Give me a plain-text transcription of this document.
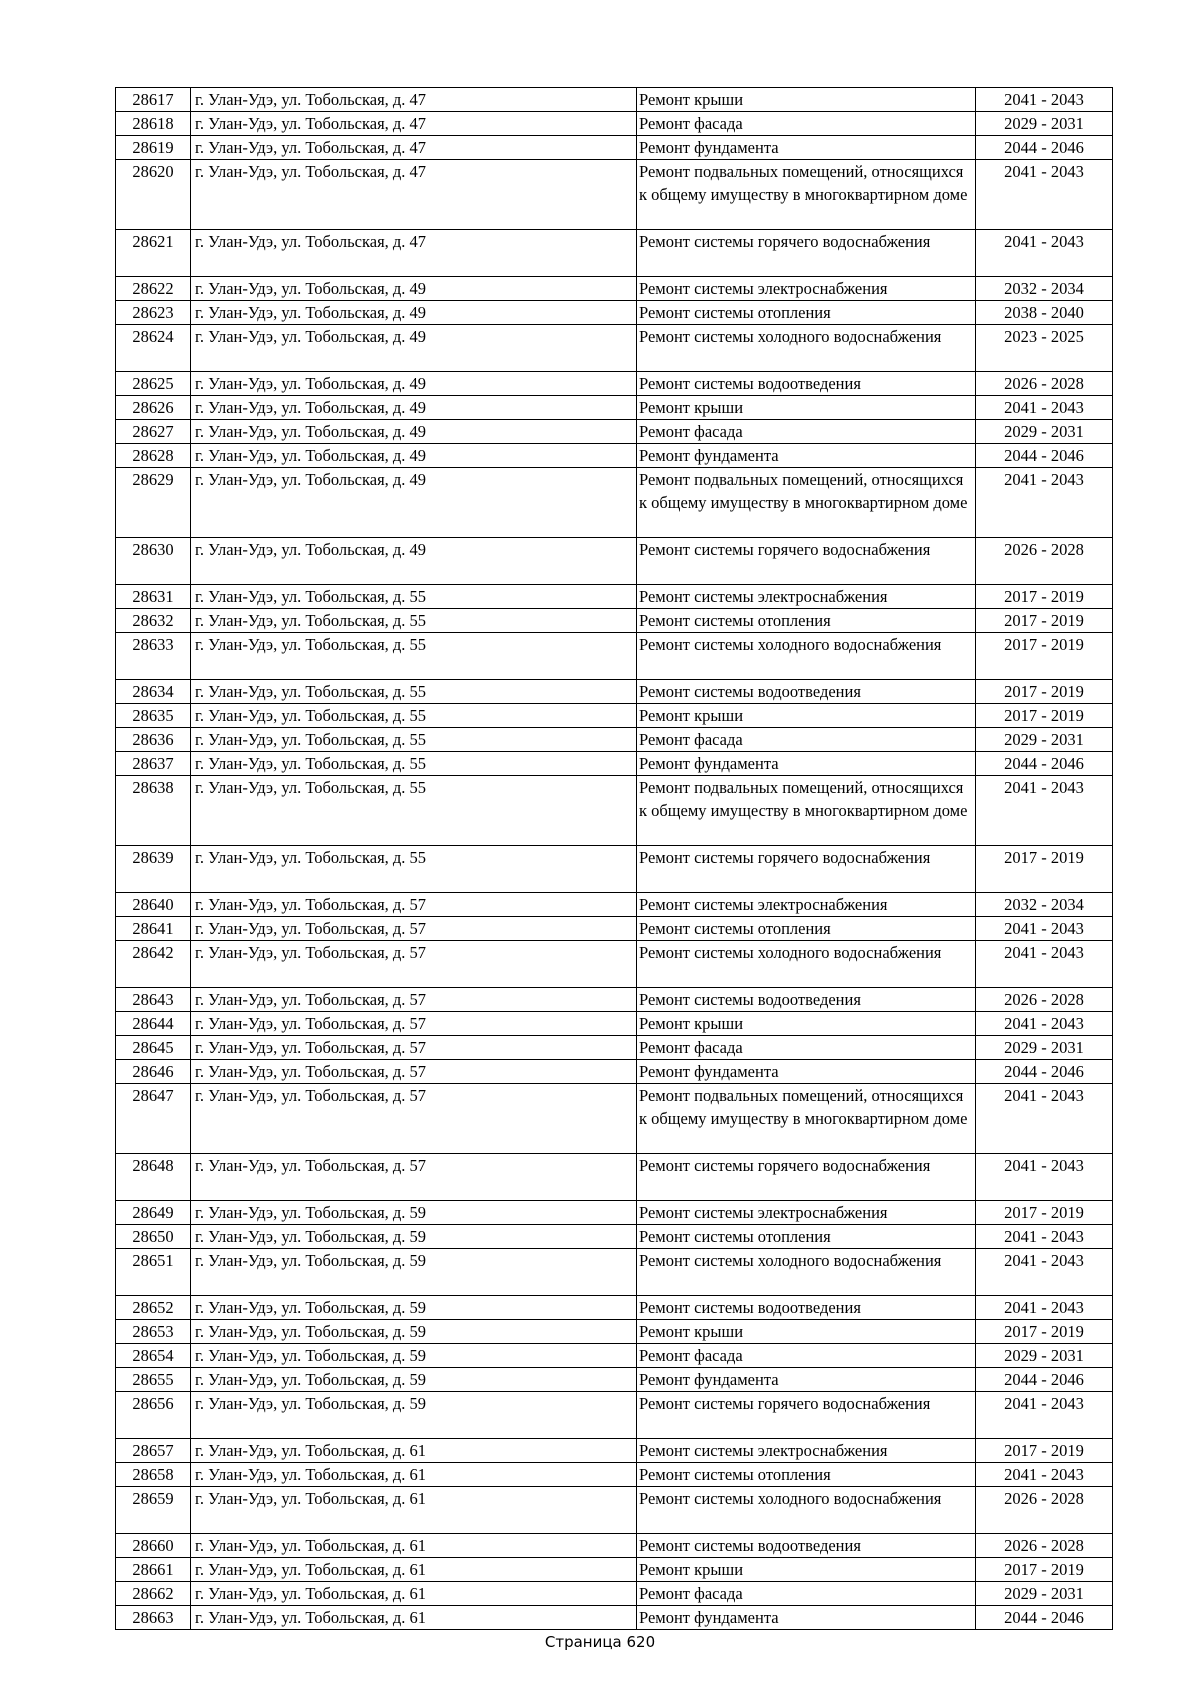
28617	г. Улан-Удэ, ул. Тобольская, д. 47	Ремонт крыши	2041 - 2043
28618	г. Улан-Удэ, ул. Тобольская, д. 47	Ремонт фасада	2029 - 2031
28619	г. Улан-Удэ, ул. Тобольская, д. 47	Ремонт фундамента	2044 - 2046
28620	г. Улан-Удэ, ул. Тобольская, д. 47	Ремонт подвальных помещений, относящихся к общему имуществу в многоквартирном доме	2041 - 2043
28621	г. Улан-Удэ, ул. Тобольская, д. 47	Ремонт системы горячего водоснабжения	2041 - 2043
28622	г. Улан-Удэ, ул. Тобольская, д. 49	Ремонт системы электроснабжения	2032 - 2034
28623	г. Улан-Удэ, ул. Тобольская, д. 49	Ремонт системы отопления	2038 - 2040
28624	г. Улан-Удэ, ул. Тобольская, д. 49	Ремонт системы холодного водоснабжения	2023 - 2025
28625	г. Улан-Удэ, ул. Тобольская, д. 49	Ремонт системы водоотведения	2026 - 2028
28626	г. Улан-Удэ, ул. Тобольская, д. 49	Ремонт крыши	2041 - 2043
28627	г. Улан-Удэ, ул. Тобольская, д. 49	Ремонт фасада	2029 - 2031
28628	г. Улан-Удэ, ул. Тобольская, д. 49	Ремонт фундамента	2044 - 2046
28629	г. Улан-Удэ, ул. Тобольская, д. 49	Ремонт подвальных помещений, относящихся к общему имуществу в многоквартирном доме	2041 - 2043
28630	г. Улан-Удэ, ул. Тобольская, д. 49	Ремонт системы горячего водоснабжения	2026 - 2028
28631	г. Улан-Удэ, ул. Тобольская, д. 55	Ремонт системы электроснабжения	2017 - 2019
28632	г. Улан-Удэ, ул. Тобольская, д. 55	Ремонт системы отопления	2017 - 2019
28633	г. Улан-Удэ, ул. Тобольская, д. 55	Ремонт системы холодного водоснабжения	2017 - 2019
28634	г. Улан-Удэ, ул. Тобольская, д. 55	Ремонт системы водоотведения	2017 - 2019
28635	г. Улан-Удэ, ул. Тобольская, д. 55	Ремонт крыши	2017 - 2019
28636	г. Улан-Удэ, ул. Тобольская, д. 55	Ремонт фасада	2029 - 2031
28637	г. Улан-Удэ, ул. Тобольская, д. 55	Ремонт фундамента	2044 - 2046
28638	г. Улан-Удэ, ул. Тобольская, д. 55	Ремонт подвальных помещений, относящихся к общему имуществу в многоквартирном доме	2041 - 2043
28639	г. Улан-Удэ, ул. Тобольская, д. 55	Ремонт системы горячего водоснабжения	2017 - 2019
28640	г. Улан-Удэ, ул. Тобольская, д. 57	Ремонт системы электроснабжения	2032 - 2034
28641	г. Улан-Удэ, ул. Тобольская, д. 57	Ремонт системы отопления	2041 - 2043
28642	г. Улан-Удэ, ул. Тобольская, д. 57	Ремонт системы холодного водоснабжения	2041 - 2043
28643	г. Улан-Удэ, ул. Тобольская, д. 57	Ремонт системы водоотведения	2026 - 2028
28644	г. Улан-Удэ, ул. Тобольская, д. 57	Ремонт крыши	2041 - 2043
28645	г. Улан-Удэ, ул. Тобольская, д. 57	Ремонт фасада	2029 - 2031
28646	г. Улан-Удэ, ул. Тобольская, д. 57	Ремонт фундамента	2044 - 2046
28647	г. Улан-Удэ, ул. Тобольская, д. 57	Ремонт подвальных помещений, относящихся к общему имуществу в многоквартирном доме	2041 - 2043
28648	г. Улан-Удэ, ул. Тобольская, д. 57	Ремонт системы горячего водоснабжения	2041 - 2043
28649	г. Улан-Удэ, ул. Тобольская, д. 59	Ремонт системы электроснабжения	2017 - 2019
28650	г. Улан-Удэ, ул. Тобольская, д. 59	Ремонт системы отопления	2041 - 2043
28651	г. Улан-Удэ, ул. Тобольская, д. 59	Ремонт системы холодного водоснабжения	2041 - 2043
28652	г. Улан-Удэ, ул. Тобольская, д. 59	Ремонт системы водоотведения	2041 - 2043
28653	г. Улан-Удэ, ул. Тобольская, д. 59	Ремонт крыши	2017 - 2019
28654	г. Улан-Удэ, ул. Тобольская, д. 59	Ремонт фасада	2029 - 2031
28655	г. Улан-Удэ, ул. Тобольская, д. 59	Ремонт фундамента	2044 - 2046
28656	г. Улан-Удэ, ул. Тобольская, д. 59	Ремонт системы горячего водоснабжения	2041 - 2043
28657	г. Улан-Удэ, ул. Тобольская, д. 61	Ремонт системы электроснабжения	2017 - 2019
28658	г. Улан-Удэ, ул. Тобольская, д. 61	Ремонт системы отопления	2041 - 2043
28659	г. Улан-Удэ, ул. Тобольская, д. 61	Ремонт системы холодного водоснабжения	2026 - 2028
28660	г. Улан-Удэ, ул. Тобольская, д. 61	Ремонт системы водоотведения	2026 - 2028
28661	г. Улан-Удэ, ул. Тобольская, д. 61	Ремонт крыши	2017 - 2019
28662	г. Улан-Удэ, ул. Тобольская, д. 61	Ремонт фасада	2029 - 2031
28663	г. Улан-Удэ, ул. Тобольская, д. 61	Ремонт фундамента	2044 - 2046
Страница 620
